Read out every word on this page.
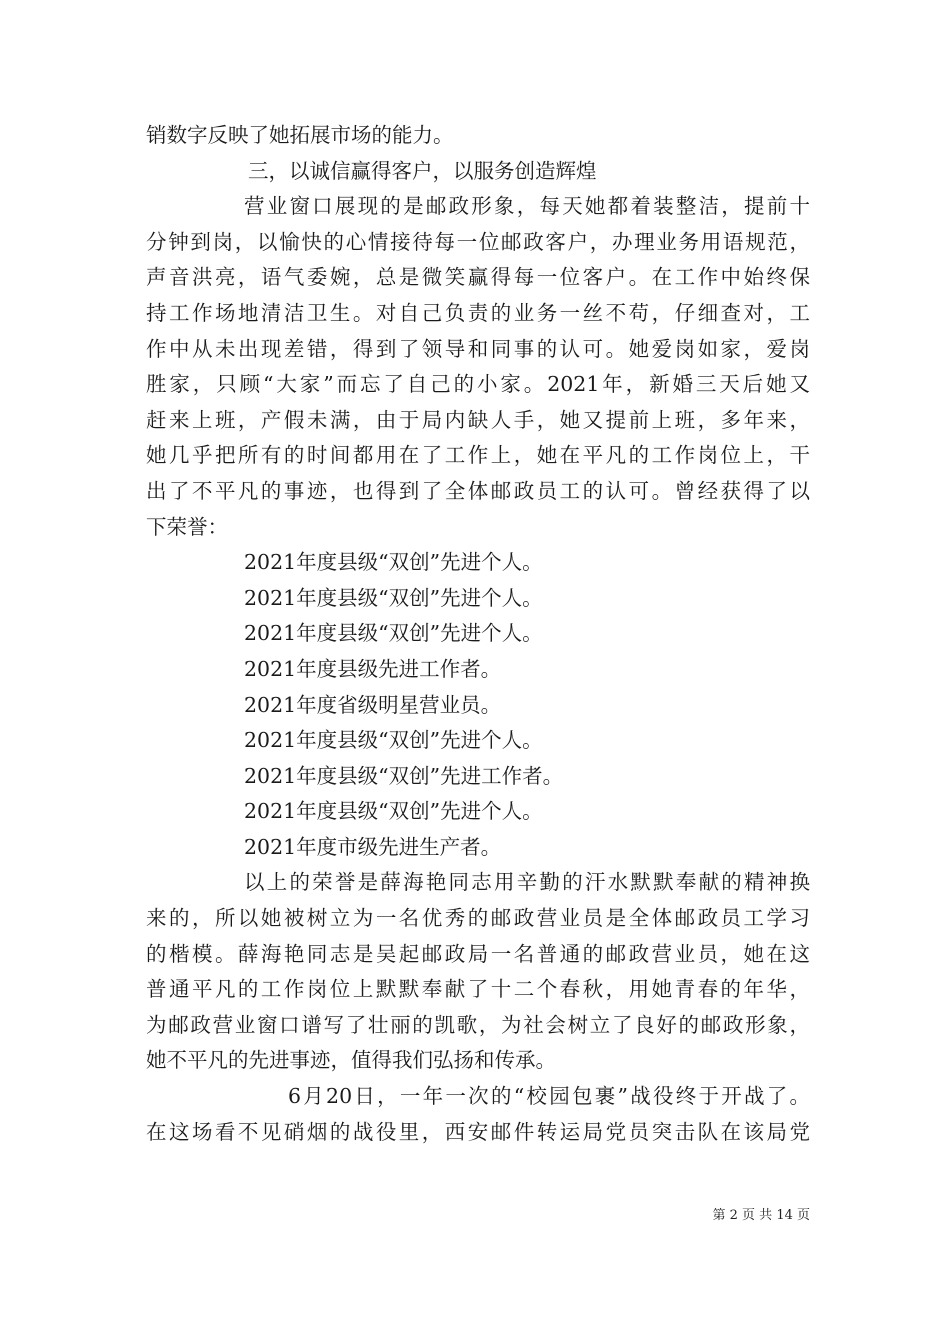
销数字反映了她拓展市场的能力。
三，以诚信赢得客户，以服务创造辉煌
营业窗口展现的是邮政形象，每天她都着装整洁，提前十
分钟到岗，以愉快的心情接待每一位邮政客户，办理业务用语规范，
声音洪亮，语气委婉，总是微笑赢得每一位客户。在工作中始终保
持工作场地清洁卫生。对自己负责的业务一丝不苟，仔细查对，工
作中从未出现差错，得到了领导和同事的认可。她爱岗如家，爱岗
胜家，只顾“大家”而忘了自己的小家。2021年，新婚三天后她又
赶来上班，产假未满，由于局内缺人手，她又提前上班，多年来，
她几乎把所有的时间都用在了工作上，她在平凡的工作岗位上，干
出了不平凡的事迹，也得到了全体邮政员工的认可。曾经获得了以
下荣誉：
2021年度县级“双创”先进个人。
2021年度县级“双创”先进个人。
2021年度县级“双创”先进个人。
2021年度县级先进工作者。
2021年度省级明星营业员。
2021年度县级“双创”先进个人。
2021年度县级“双创”先进工作者。
2021年度县级“双创”先进个人。
2021年度市级先进生产者。
以上的荣誉是薛海艳同志用辛勤的汗水默默奉献的精神换
来的，所以她被树立为一名优秀的邮政营业员是全体邮政员工学习
的楷模。薛海艳同志是吴起邮政局一名普通的邮政营业员，她在这
普通平凡的工作岗位上默默奉献了十二个春秋，用她青春的年华，
为邮政营业窗口谱写了壮丽的凯歌，为社会树立了良好的邮政形象，
她不平凡的先进事迹，值得我们弘扬和传承。
6月20日，一年一次的“校园包裹”战役终于开战了。
在这场看不见硝烟的战役里，西安邮件转运局党员突击队在该局党
第 2 页 共 14 页
